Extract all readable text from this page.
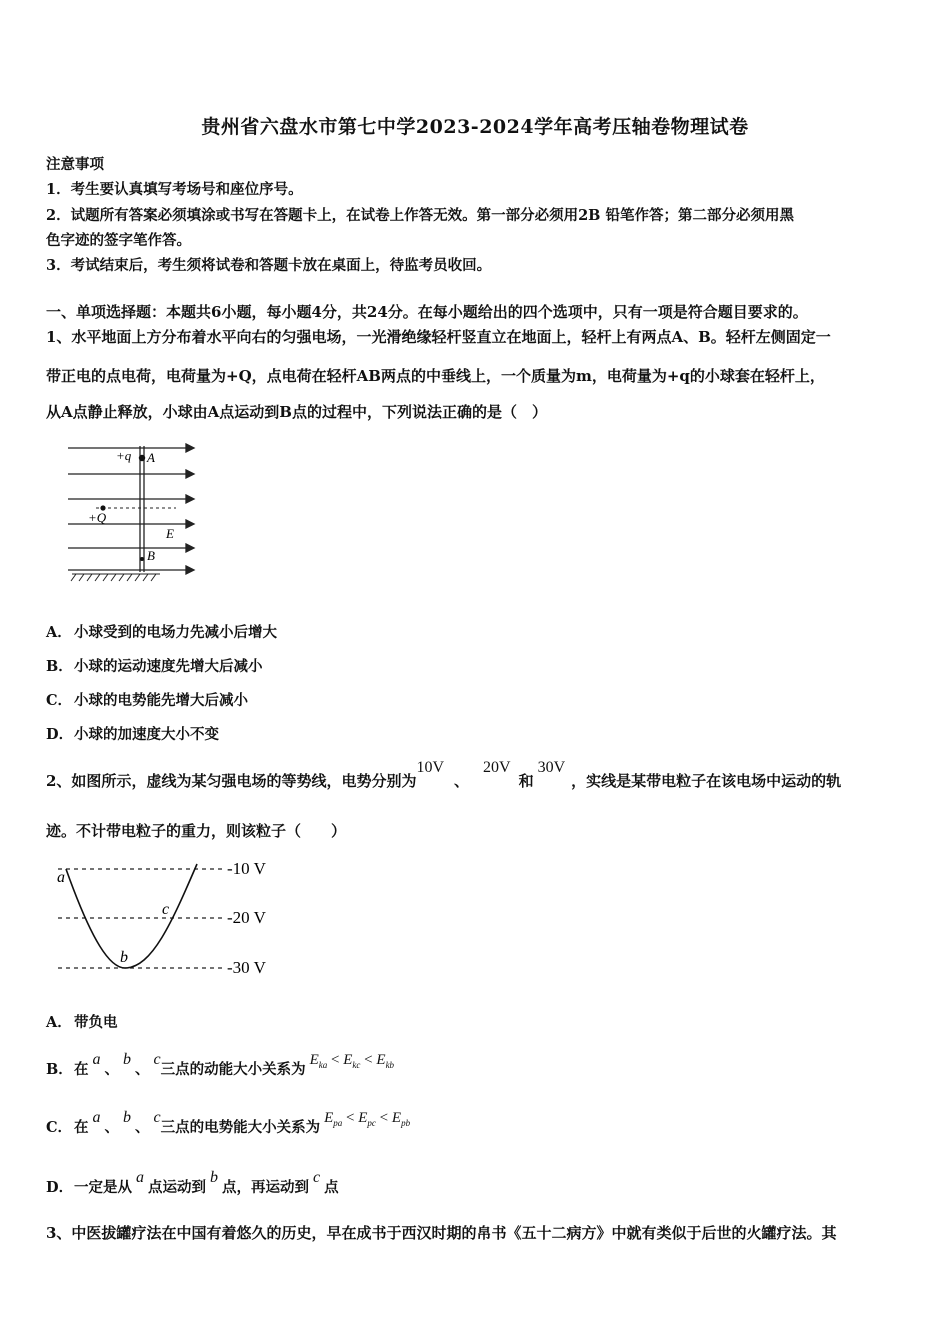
贵州省六盘水市第七中学2023-2024学年高考压轴卷物理试卷
注意事项
1．考生要认真填写考场号和座位序号。
2．试题所有答案必须填涂或书写在答题卡上，在试卷上作答无效。第一部分必须用2B 铅笔作答；第二部分必须用黑
色字迹的签字笔作答。
3．考试结束后，考生须将试卷和答题卡放在桌面上，待监考员收回。
一、单项选择题：本题共6小题，每小题4分，共24分。在每小题给出的四个选项中，只有一项是符合题目要求的。
1、水平地面上方分布着水平向右的匀强电场，一光滑绝缘轻杆竖直立在地面上，轻杆上有两点A、B。轻杆左侧固定一
带正电的点电荷，电荷量为+Q，点电荷在轻杆AB两点的中垂线上，一个质量为m，电荷量为+q的小球套在轻杆上，
从A点静止释放，小球由A点运动到B点的过程中，下列说法正确的是（　）
+q A
+Q
E
B
A． 小球受到的电场力先减小后增大
B．小球的运动速度先增大后减小
C． 小球的电势能先增大后减小
D．小球的加速度大小不变
2、如图所示，虚线为某匀强电场的等势线，电势分别为10V、20V和30V，实线是某带电粒子在该电场中运动的轨
迹。不计带电粒子的重力，则该粒子（　　）
-10 V
-20 V
-30 V
a
b
c
A． 带负电
B．在a、b、c三点的动能大小关系为$E_{ka} < E_{kc} < E_{kb}$
C． 在a、b、c三点的电势能大小关系为$E_{pa} < E_{pc} < E_{pb}$
D．一定是从a点运动到b点，再运动到c点
3、中医拔罐疗法在中国有着悠久的历史，早在成书于西汉时期的帛书《五十二病方》中就有类似于后世的火罐疗法。其
